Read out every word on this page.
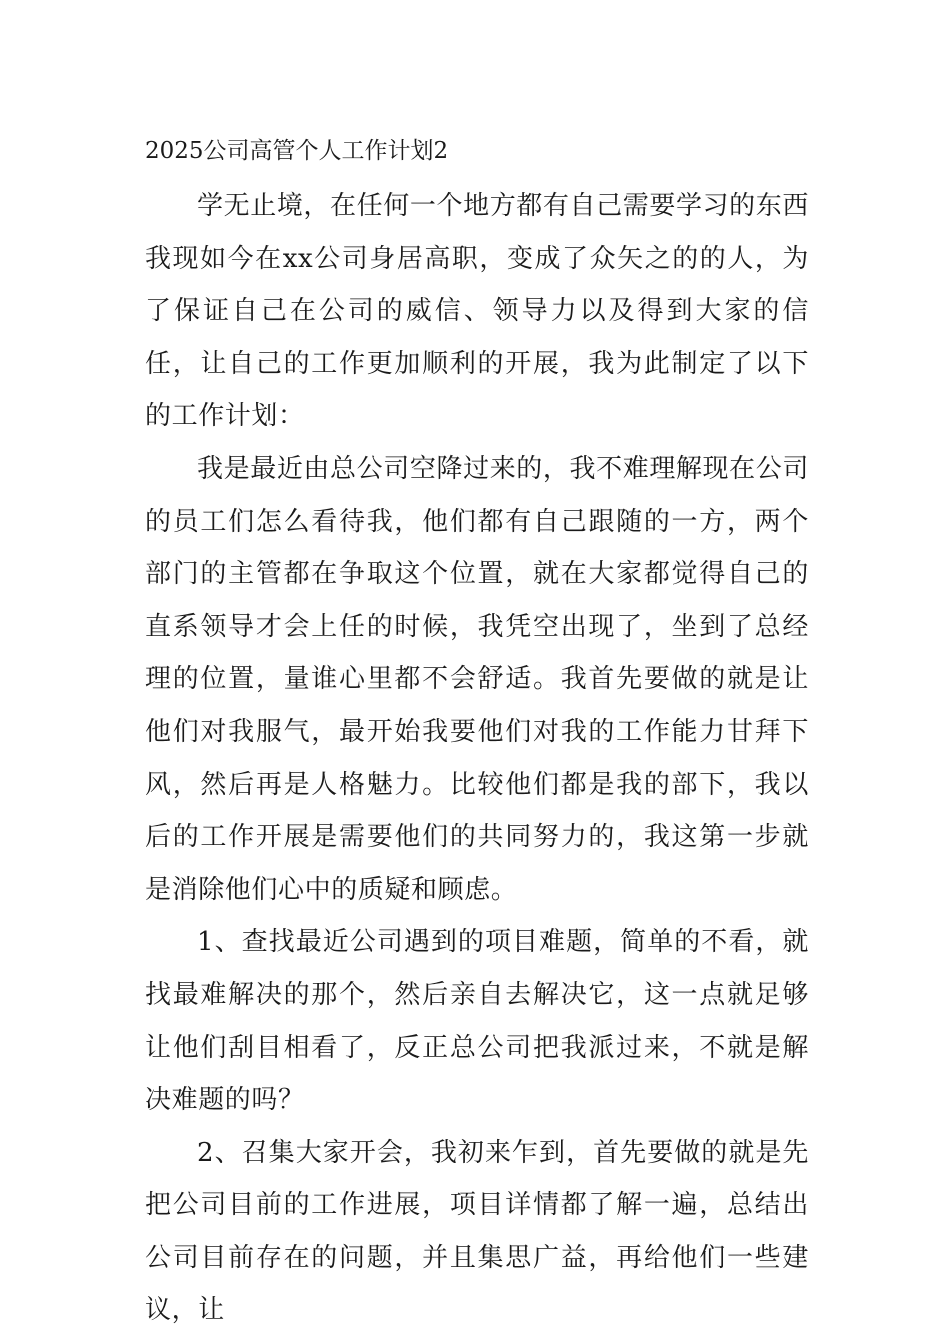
2025公司高管个人工作计划2

学无止境，在任何一个地方都有自己需要学习的东西我现如今在xx公司身居高职，变成了众矢之的的人，为了保证自己在公司的威信、领导力以及得到大家的信任，让自己的工作更加顺利的开展，我为此制定了以下的工作计划：

我是最近由总公司空降过来的，我不难理解现在公司的员工们怎么看待我，他们都有自己跟随的一方，两个部门的主管都在争取这个位置，就在大家都觉得自己的直系领导才会上任的时候，我凭空出现了，坐到了总经理的位置，量谁心里都不会舒适。我首先要做的就是让他们对我服气，最开始我要他们对我的工作能力甘拜下风，然后再是人格魅力。比较他们都是我的部下，我以后的工作开展是需要他们的共同努力的，我这第一步就是消除他们心中的质疑和顾虑。

1、查找最近公司遇到的项目难题，简单的不看，就找最难解决的那个，然后亲自去解决它，这一点就足够让他们刮目相看了，反正总公司把我派过来，不就是解决难题的吗？

2、召集大家开会，我初来乍到，首先要做的就是先把公司目前的工作进展，项目详情都了解一遍，总结出公司目前存在的问题，并且集思广益，再给他们一些建议，让
